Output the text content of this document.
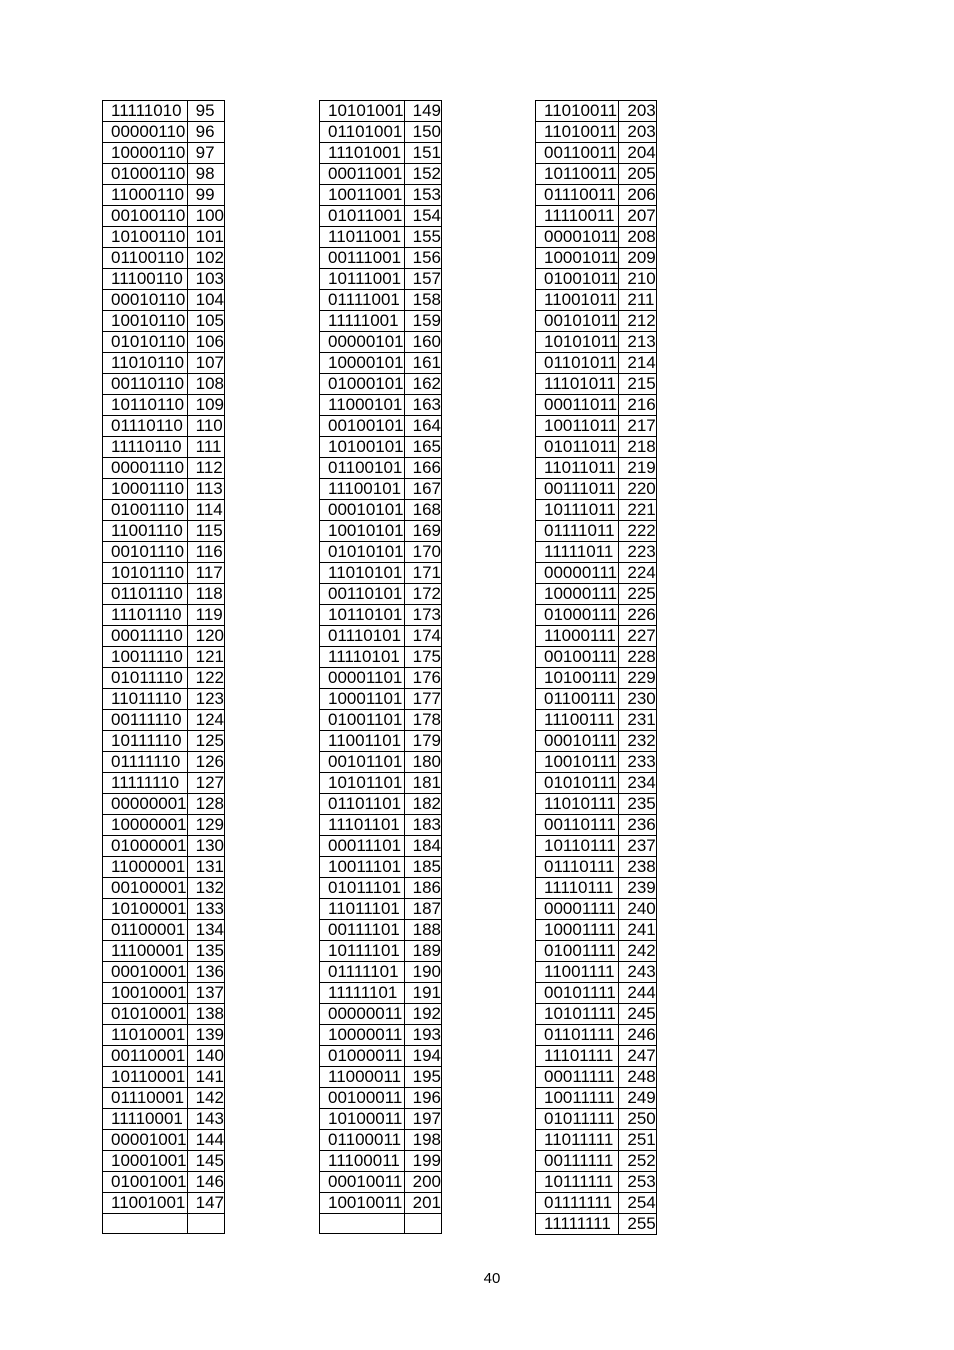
11111010	95
00000110	96
10000110	97
01000110	98
11000110	99
00100110	100
10100110	101
01100110	102
11100110	103
00010110	104
10010110	105
01010110	106
11010110	107
00110110	108
10110110	109
01110110	110
11110110	111
00001110	112
10001110	113
01001110	114
11001110	115
00101110	116
10101110	117
01101110	118
11101110	119
00011110	120
10011110	121
01011110	122
11011110	123
00111110	124
10111110	125
01111110	126
11111110	127
00000001	128
10000001	129
01000001	130
11000001	131
00100001	132
10100001	133
01100001	134
11100001	135
00010001	136
10010001	137
01010001	138
11010001	139
00110001	140
10110001	141
01110001	142
11110001	143
00001001	144
10001001	145
01001001	146
11001001	147

10101001	149
01101001	150
11101001	151
00011001	152
10011001	153
01011001	154
11011001	155
00111001	156
10111001	157
01111001	158
11111001	159
00000101	160
10000101	161
01000101	162
11000101	163
00100101	164
10100101	165
01100101	166
11100101	167
00010101	168
10010101	169
01010101	170
11010101	171
00110101	172
10110101	173
01110101	174
11110101	175
00001101	176
10001101	177
01001101	178
11001101	179
00101101	180
10101101	181
01101101	182
11101101	183
00011101	184
10011101	185
01011101	186
11011101	187
00111101	188
10111101	189
01111101	190
11111101	191
00000011	192
10000011	193
01000011	194
11000011	195
00100011	196
10100011	197
01100011	198
11100011	199
00010011	200
10010011	201

11010011	203
11010011	203
00110011	204
10110011	205
01110011	206
11110011	207
00001011	208
10001011	209
01001011	210
11001011	211
00101011	212
10101011	213
01101011	214
11101011	215
00011011	216
10011011	217
01011011	218
11011011	219
00111011	220
10111011	221
01111011	222
11111011	223
00000111	224
10000111	225
01000111	226
11000111	227
00100111	228
10100111	229
01100111	230
11100111	231
00010111	232
10010111	233
01010111	234
11010111	235
00110111	236
10110111	237
01110111	238
11110111	239
00001111	240
10001111	241
01001111	242
11001111	243
00101111	244
10101111	245
01101111	246
11101111	247
00011111	248
10011111	249
01011111	250
11011111	251
00111111	252
10111111	253
01111111	254
11111111	255
40
